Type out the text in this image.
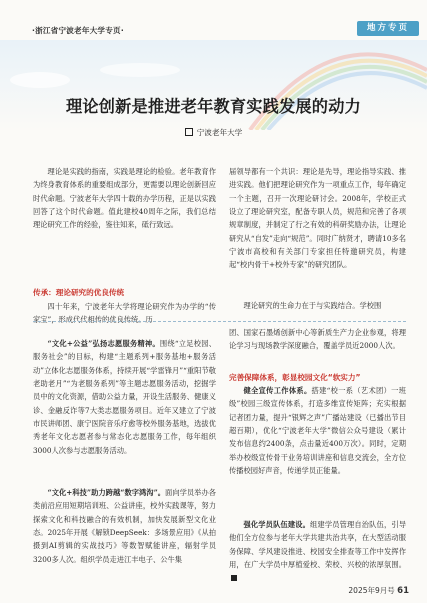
·浙江省宁波老年大学专页·	地方专页
理论创新是推进老年教育实践发展的动力
宁波老年大学

理论是实践的指南，实践是理论的检验。老年教育作为终身教育体系的重要组成部分，更需要以理论创新回应时代命题。宁波老年大学四十载的办学历程，正是以实践回答了这个时代命题。值此建校40周年之际，我们总结理论研究工作的经验，鉴往知来，砥行致远。

传承：理论研究的优良传统

四十年来，宁波老年大学将理论研究作为办学的“传家宝”，形成代代相传的优良传统。历

届领导都有一个共识：理论是先导，理论指导实践、推进实践。他们把理论研究作为一项重点工作，每年确定一个主题，召开一次理论研讨会。2008年，学校正式设立了理论研究室，配备专职人员，规范和完善了各项规章制度，并制定了行之有效的科研奖励办法，让理论研究从“自发”走向“规范”。同时广纳贤才，聘请10多名宁波市高校和有关部门专家担任特邀研究员，构建起“校内骨干+校外专家”的研究团队。

理论研究的生命力在于与实践结合。学校围

“文化+公益”弘扬志愿服务精神。围绕“立足校园、服务社会”的目标，构建“主题系列+服务基地+服务活动”立体化志愿服务体系，持续开展“学雷锋月”“重阳节敬老助老月”“为老服务系列”等主题志愿服务活动，挖掘学员中的文化资源，借助公益力量，开设生活服务、健康义诊、金融反诈等7大类志愿服务项目。近年又建立了宁波市民讲师团、康宁医院音乐疗愈等校外服务基地，选拔优秀老年文化志愿者参与常态化志愿服务工作，每年组织3000人次参与志愿服务活动。
“文化+科技”助力跨越“数字鸿沟”。面向学员举办各类前沿应用短期培训班、公益讲座，校外实践课等，努力探索文化和科技融合的有效机制，加快发展新型文化业态。2025年开展《解锁DeepSeek：多场景应用》《从拍摄到AI剪辑的实战技巧》等数智赋能讲座，辐射学员3200多人次。组织学员走进江丰电子、公牛集

团、国家石墨烯创新中心等新质生产力企业参观，将理论学习与现场教学深度融合，覆盖学员近2000人次。

完善保障体系，彰显校园文化“软实力”
健全宣传工作体系。搭建“校一系（艺术团）一班级”校园三级宣传体系，打造多维宣传矩阵；充实根据记者团力量，提升“银辉之声”广播站建设（已播出节目超百期），优化“宁波老年大学”微信公众号建设（累计发布信息约2400条，点击量近400万次）。同时，定期举办校级宣传骨干业务培训讲座和信息交流会，全方位传播校园好声音，传递学员正能量。
强化学员队伍建设。组建学员管理自治队伍，引导他们全方位参与老年大学共建共治共享，在大型活动服务保障、学风建设推进、校园安全排查等工作中发挥作用，在广大学员中厚植爱校、荣校、兴校的浓厚氛围。
2025年9月号 61
